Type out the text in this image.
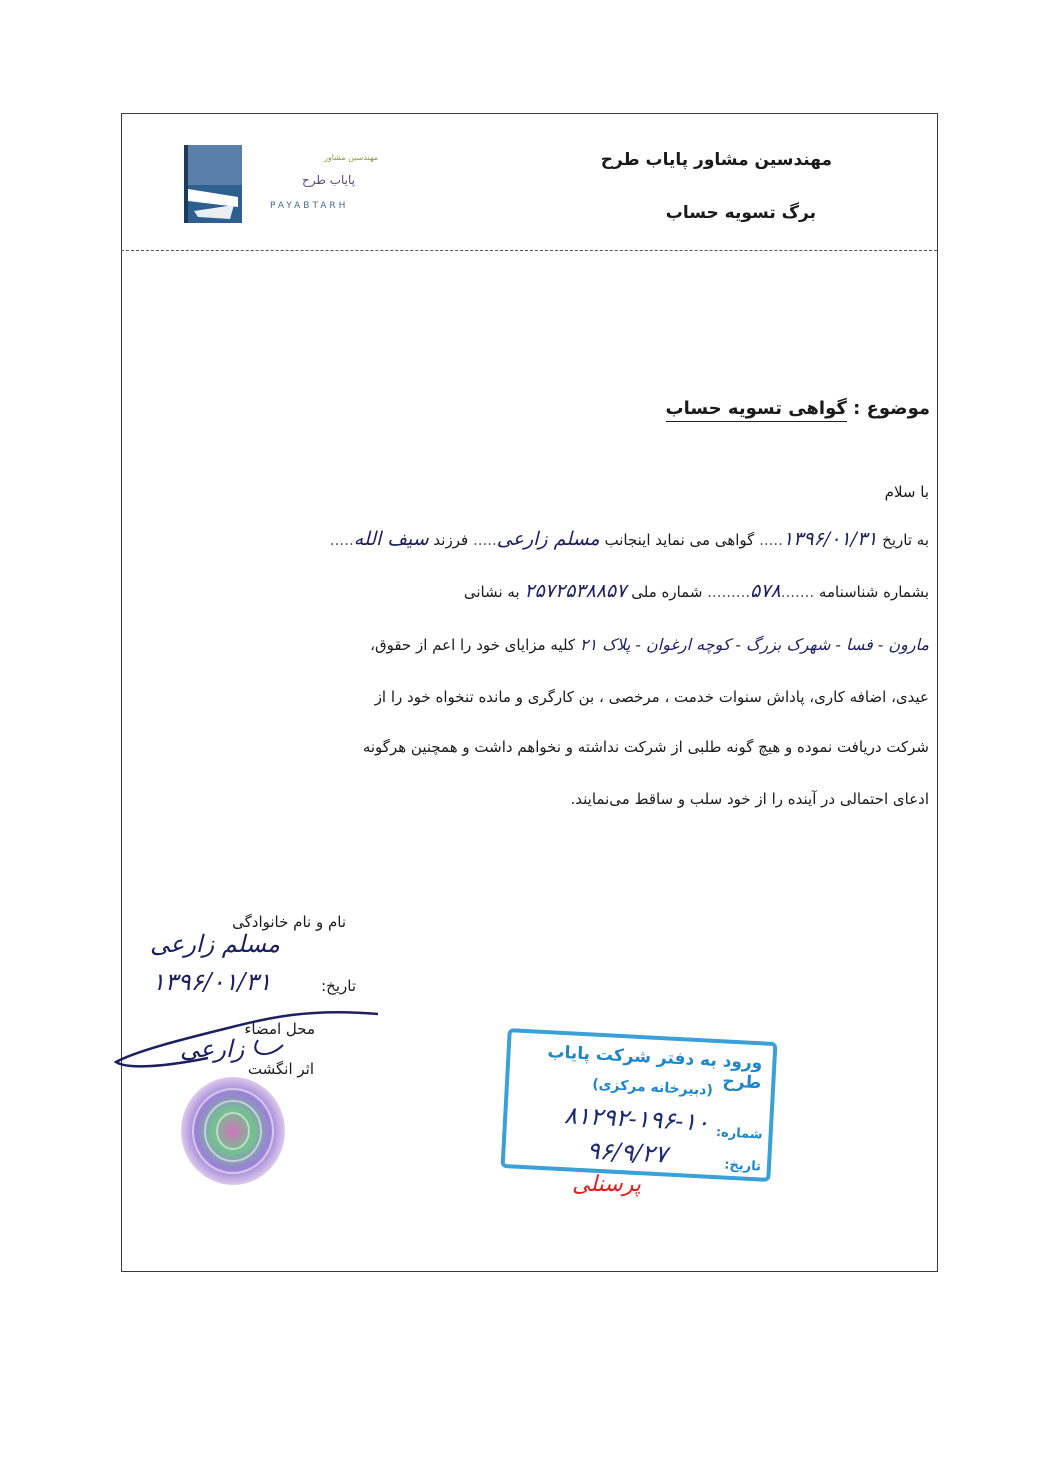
مهندسین مشاور
پایاب طرح
PAYABTARH
مهندسین مشاور پایاب طرح
برگ تسویه حساب
موضوع : گواهی تسویه حساب
با سلام
به تاریخ ۱۳۹۶/۰۱/۳۱..... گواهی می نماید اینجانب مسلم زارعی..... فرزند سیف الله.....
بشماره شناسنامه .......۵۷۸......... شماره ملی ۲۵۷۲۵۳۸۸۵۷ به نشانی
مارون - فسا - شهرک بزرگ - کوچه ارغوان - پلاک ۲۱ کلیه مزایای خود را اعم از حقوق،
عیدی، اضافه کاری، پاداش سنوات خدمت ، مرخصی ، بن کارگری و مانده تنخواه خود را از
شرکت دریافت نموده و هیچ گونه طلبی از شرکت نداشته و نخواهم داشت و همچنین هرگونه
ادعای احتمالی در آینده را از خود سلب و ساقط می‌نمایند.
نام و نام خانوادگی
مسلم زارعی
تاریخ:
۱۳۹۶/۰۱/۳۱
محل امضاء
زارعی
اثر انگشت	ورود به دفتر شرکت پایاب طرح
(دبیرخانه مرکزی)
شماره:
۸۱۲۹۲-۱۹۶-۱۰
تاریخ:
۹۶/۹/۲۷
پرسنلی
